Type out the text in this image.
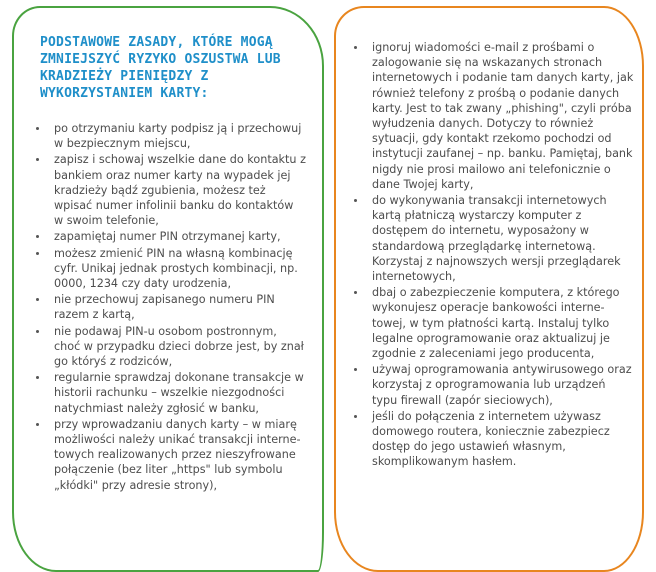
PODSTAWOWE ZASADY, KTÓRE MOGĄ ZMNIEJSZYĆ RYZYKO OSZUSTWA LUB KRADZIEŻY PIENIĘDZY Z WYKORZYSTANIEM KARTY:
po otrzymaniu karty podpisz ją i przechowuj w bezpiecznym miejscu,
zapisz i schowaj wszelkie dane do kontaktu z bankiem oraz numer karty na wypadek jej kradzieży bądź zgubienia, możesz też wpisać numer infolinii banku do kontaktów w swoim telefonie,
zapamiętaj numer PIN otrzymanej karty,
możesz zmienić PIN na własną kombinację cyfr. Unikaj jednak prostych kombinacji, np. 0000, 1234 czy daty urodzenia,
nie przechowuj zapisanego numeru PIN razem z kartą,
nie podawaj PIN-u osobom postronnym, choć w przypadku dzieci dobrze jest, by znał go któryś z rodziców,
regularnie sprawdzaj dokonane transakcje w historii rachunku – wszelkie niezgodności natychmiast należy zgłosić w banku,
przy wprowadzaniu danych karty – w miarę możliwości należy unikać transakcji interne-towych realizowanych przez nieszyfrowane połączenie (bez liter „https" lub symbolu „kłódki" przy adresie strony),
ignoruj wiadomości e-mail z prośbami o zalogowanie się na wskazanych stronach internetowych i podanie tam danych karty, jak również telefony z prośbą o podanie danych karty. Jest to tak zwany „phishing", czyli próba wyłudzenia danych. Dotyczy to również sytuacji, gdy kontakt rzekomo pochodzi od instytucji zaufanej – np. banku. Pamiętaj, bank nigdy nie prosi mailowo ani telefonicznie o dane Twojej karty,
do wykonywania transakcji internetowych kartą płatniczą wystarczy komputer z dostępem do internetu, wyposażony w standardową przeglądarkę internetową. Korzystaj z najnowszych wersji przeglądarek internetowych,
dbaj o zabezpieczenie komputera, z którego wykonujesz operacje bankowości interne-towej, w tym płatności kartą. Instaluj tylko legalne oprogramowanie oraz aktualizuj je zgodnie z zaleceniami jego producenta,
używaj oprogramowania antywirusowego oraz korzystaj z oprogramowania lub urządzeń typu firewall (zapór sieciowych),
jeśli do połączenia z internetem używasz domowego routera, koniecznie zabezpiecz dostęp do jego ustawień własnym, skomplikowanym hasłem.
